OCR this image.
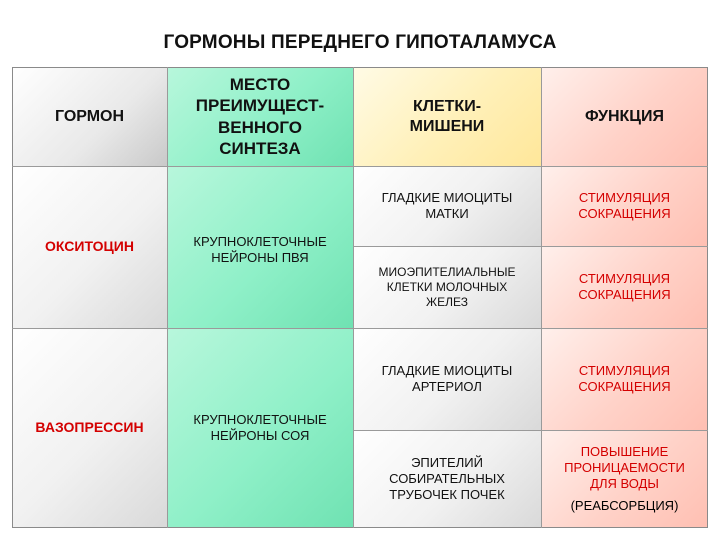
ГОРМОНЫ ПЕРЕДНЕГО ГИПОТАЛАМУСА
ГОРМОН
МЕСТО ПРЕИМУЩЕСТ-ВЕННОГО СИНТЕЗА
КЛЕТКИ-МИШЕНИ
ФУНКЦИЯ
ОКСИТОЦИН	КРУПНОКЛЕТОЧНЫЕ НЕЙРОНЫ ПВЯ
ГЛАДКИЕ МИОЦИТЫ МАТКИ
СТИМУЛЯЦИЯ СОКРАЩЕНИЯ
МИОЭПИТЕЛИАЛЬНЫЕ КЛЕТКИ МОЛОЧНЫХ ЖЕЛЕЗ
СТИМУЛЯЦИЯ СОКРАЩЕНИЯ
ВАЗОПРЕССИН	КРУПНОКЛЕТОЧНЫЕ НЕЙРОНЫ СОЯ
ГЛАДКИЕ МИОЦИТЫ АРТЕРИОЛ
СТИМУЛЯЦИЯ СОКРАЩЕНИЯ
ЭПИТЕЛИЙ СОБИРАТЕЛЬНЫХ ТРУБОЧЕК ПОЧЕК
ПОВЫШЕНИЕ ПРОНИЦАЕМОСТИ ДЛЯ ВОДЫ
(РЕАБСОРБЦИЯ)
